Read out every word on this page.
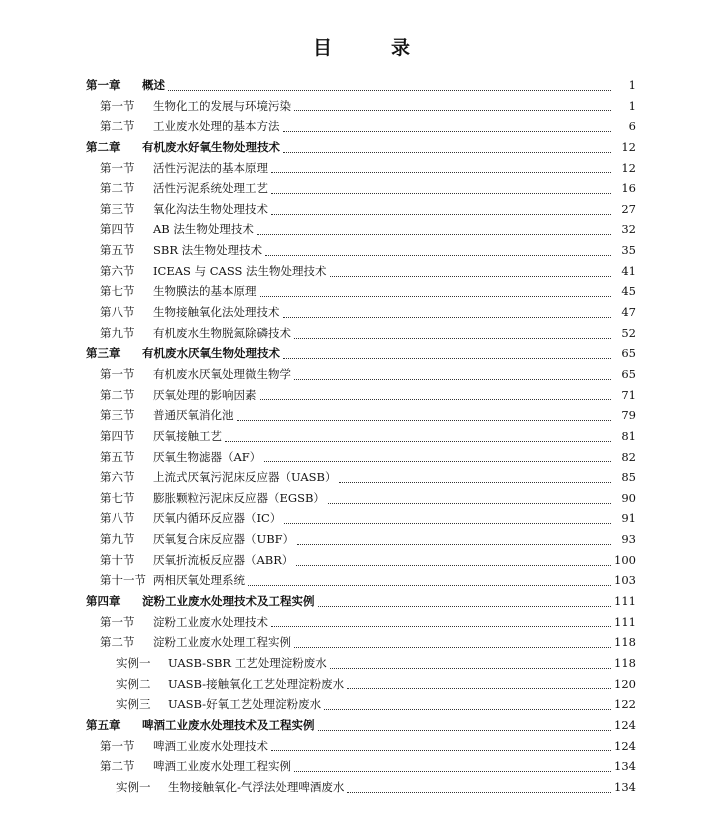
目	录
第一章	概述	1
第一节	生物化工的发展与环境污染	1
第二节	工业废水处理的基本方法	6
第二章	有机废水好氧生物处理技术	12
第一节	活性污泥法的基本原理	12
第二节	活性污泥系统处理工艺	16
第三节	氧化沟法生物处理技术	27
第四节	AB 法生物处理技术	32
第五节	SBR 法生物处理技术	35
第六节	ICEAS 与 CASS 法生物处理技术	41
第七节	生物膜法的基本原理	45
第八节	生物接触氧化法处理技术	47
第九节	有机废水生物脱氮除磷技术	52
第三章	有机废水厌氧生物处理技术	65
第一节	有机废水厌氧处理微生物学	65
第二节	厌氧处理的影响因素	71
第三节	普通厌氧消化池	79
第四节	厌氧接触工艺	81
第五节	厌氧生物滤器（AF）	82
第六节	上流式厌氧污泥床反应器（UASB）	85
第七节	膨胀颗粒污泥床反应器（EGSB）	90
第八节	厌氧内循环反应器（IC）	91
第九节	厌氧复合床反应器（UBF）	93
第十节	厌氧折流板反应器（ABR）	100
第十一节 两相厌氧处理系统	103
第四章	淀粉工业废水处理技术及工程实例	111
第一节	淀粉工业废水处理技术	111
第二节	淀粉工业废水处理工程实例	118
实例一	UASB-SBR 工艺处理淀粉废水	118
实例二	UASB-接触氧化工艺处理淀粉废水	120
实例三	UASB-好氧工艺处理淀粉废水	122
第五章	啤酒工业废水处理技术及工程实例	124
第一节	啤酒工业废水处理技术	124
第二节	啤酒工业废水处理工程实例	134
实例一	生物接触氧化-气浮法处理啤酒废水	134
